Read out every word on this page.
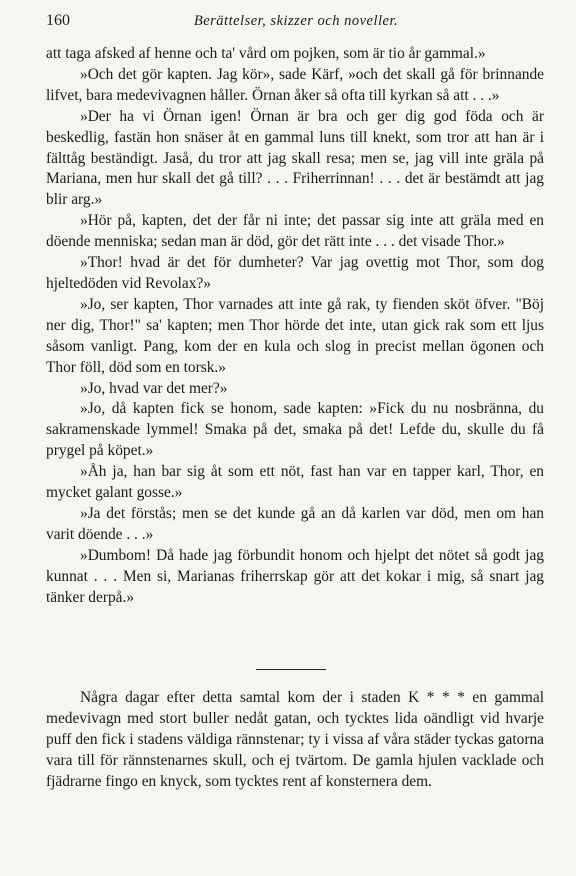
160	Berättelser, skizzer och noveller.

att taga afsked af henne och ta' vård om pojken, som är tio år gammal.»

»Och det gör kapten. Jag kör», sade Kärf, »och det skall gå för brinnande lifvet, bara medevivagnen håller. Örnan åker så ofta till kyrkan så att . . .»

»Der ha vi Örnan igen! Örnan är bra och ger dig god föda och är beskedlig, fastän hon snäser åt en gammal luns till knekt, som tror att han är i fälttåg beständigt. Jaså, du tror att jag skall resa; men se, jag vill inte gräla på Mariana, men hur skall det gå till? . . . Friherrinnan! . . . det är bestämdt att jag blir arg.»

»Hör på, kapten, det der får ni inte; det passar sig inte att gräla med en döende menniska; sedan man är död, gör det rätt inte . . . det visade Thor.»

»Thor! hvad är det för dumheter? Var jag ovettig mot Thor, som dog hjeltedöden vid Revolax?»

»Jo, ser kapten, Thor varnades att inte gå rak, ty fienden sköt öfver. "Böj ner dig, Thor!" sa' kapten; men Thor hörde det inte, utan gick rak som ett ljus såsom vanligt. Pang, kom der en kula och slog in precist mellan ögonen och Thor föll, död som en torsk.»

»Jo, hvad var det mer?»

»Jo, då kapten fick se honom, sade kapten: »Fick du nu nosbränna, du sakramenskade lymmel! Smaka på det, smaka på det! Lefde du, skulle du få prygel på köpet.»

»Åh ja, han bar sig åt som ett nöt, fast han var en tapper karl, Thor, en mycket galant gosse.»

»Ja det förstås; men se det kunde gå an då karlen var död, men om han varit döende . . .»

»Dumbom! Då hade jag förbundit honom och hjelpt det nötet så godt jag kunnat . . . Men si, Marianas friherrskap gör att det kokar i mig, så snart jag tänker derpå.»

Några dagar efter detta samtal kom der i staden K * * * en gammal medevivagn med stort buller nedåt gatan, och tycktes lida oändligt vid hvarje puff den fick i stadens väldiga rännstenar; ty i vissa af våra städer tyckas gatorna vara till för rännstenarnes skull, och ej tvärtom. De gamla hjulen vacklade och fjädrarne fingo en knyck, som tycktes rent af konsternera dem.
